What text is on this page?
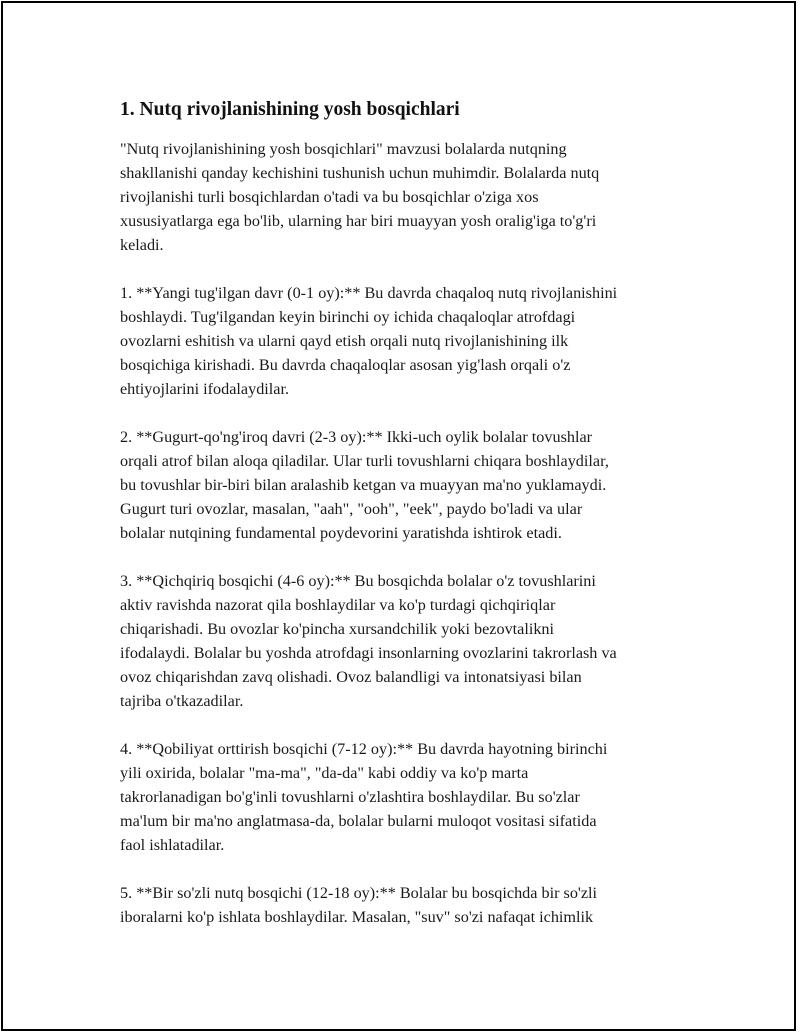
1. Nutq rivojlanishining yosh bosqichlari

"Nutq rivojlanishining yosh bosqichlari" mavzusi bolalarda nutqning
shakllanishi qanday kechishini tushunish uchun muhimdir. Bolalarda nutq
rivojlanishi turli bosqichlardan o'tadi va bu bosqichlar o'ziga xos
xususiyatlarga ega bo'lib, ularning har biri muayyan yosh oralig'iga to'g'ri
keladi.

1. **Yangi tug'ilgan davr (0-1 oy):** Bu davrda chaqaloq nutq rivojlanishini
boshlaydi. Tug'ilgandan keyin birinchi oy ichida chaqaloqlar atrofdagi
ovozlarni eshitish va ularni qayd etish orqali nutq rivojlanishining ilk
bosqichiga kirishadi. Bu davrda chaqaloqlar asosan yig'lash orqali o'z
ehtiyojlarini ifodalaydilar.

2. **Gugurt-qo'ng'iroq davri (2-3 oy):** Ikki-uch oylik bolalar tovushlar
orqali atrof bilan aloqa qiladilar. Ular turli tovushlarni chiqara boshlaydilar,
bu tovushlar bir-biri bilan aralashib ketgan va muayyan ma'no yuklamaydi.
Gugurt turi ovozlar, masalan, "aah", "ooh", "eek", paydo bo'ladi va ular
bolalar nutqining fundamental poydevorini yaratishda ishtirok etadi.

3. **Qichqiriq bosqichi (4-6 oy):** Bu bosqichda bolalar o'z tovushlarini
aktiv ravishda nazorat qila boshlaydilar va ko'p turdagi qichqiriqlar
chiqarishadi. Bu ovozlar ko'pincha xursandchilik yoki bezovtalikni
ifodalaydi. Bolalar bu yoshda atrofdagi insonlarning ovozlarini takrorlash va
ovoz chiqarishdan zavq olishadi. Ovoz balandligi va intonatsiyasi bilan
tajriba o'tkazadilar.

4. **Qobiliyat orttirish bosqichi (7-12 oy):** Bu davrda hayotning birinchi
yili oxirida, bolalar "ma-ma", "da-da" kabi oddiy va ko'p marta
takrorlanadigan bo'g'inli tovushlarni o'zlashtira boshlaydilar. Bu so'zlar
ma'lum bir ma'no anglatmasa-da, bolalar bularni muloqot vositasi sifatida
faol ishlatadilar.

5. **Bir so'zli nutq bosqichi (12-18 oy):** Bolalar bu bosqichda bir so'zli
iboralarni ko'p ishlata boshlaydilar. Masalan, "suv" so'zi nafaqat ichimlik
